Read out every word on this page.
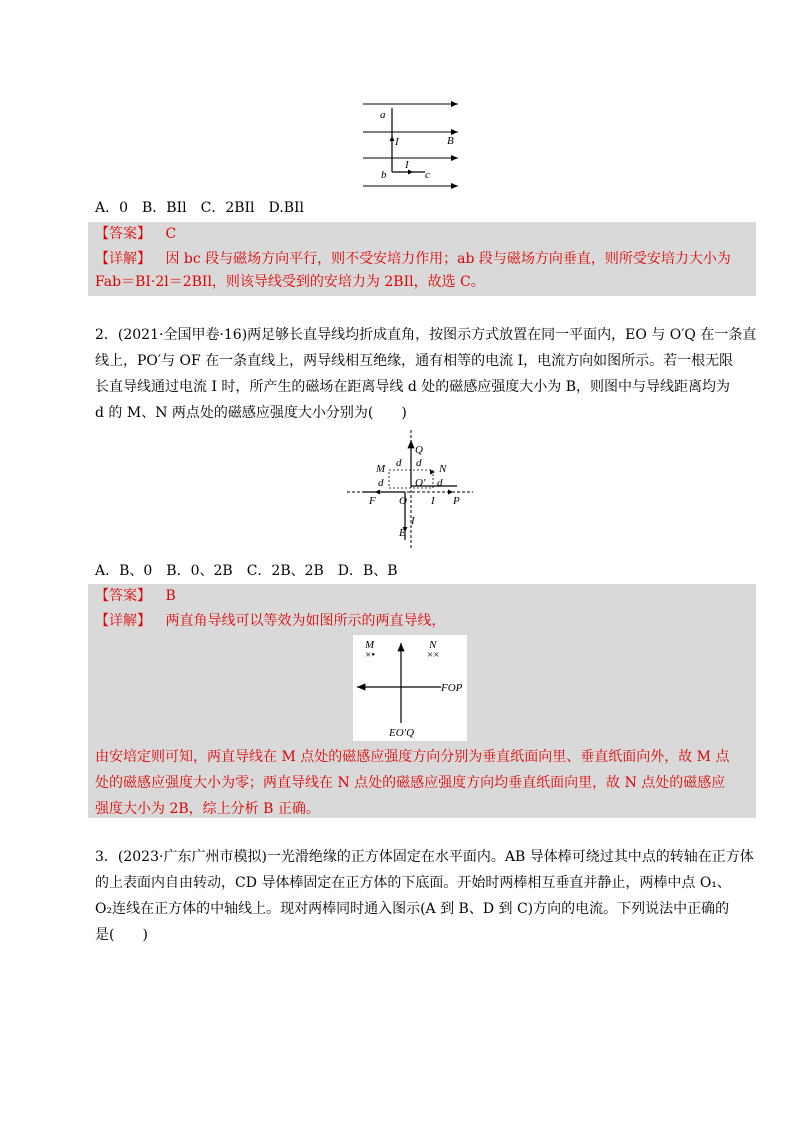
a
I	B
I
b	c
A．0　B．BIl　C．2BIl　D.BIl
【答案】 C
【详解】 因 bc 段与磁场方向平行，则不受安培力作用；ab 段与磁场方向垂直，则所受安培力大小为
Fab＝BI·2l＝2BIl，则该导线受到的安培力为 2BIl，故选 C。
2．(2021·全国甲卷·16)两足够长直导线均折成直角，按图示方式放置在同一平面内，EO 与 O′Q 在一条直
线上，PO′与 OF 在一条直线上，两导线相互绝缘，通有相等的电流 I，电流方向如图所示。若一根无限
长直导线通过电流 I 时，所产生的磁场在距离导线 d 处的磁感应强度大小为 B，则图中与导线距离均为
d 的 M、N 两点处的磁感应强度大小分别为(　　)
Q
M d d N
d	O′ d
F O I P
I
E
A．B、0　B．0、2B　C．2B、2B　D．B、B
【答案】 B
【详解】 两直角导线可以等效为如图所示的两直导线，
M
×•
N
××
FOP
EO′Q
由安培定则可知，两直导线在 M 点处的磁感应强度方向分别为垂直纸面向里、垂直纸面向外，故 M 点
处的磁感应强度大小为零；两直导线在 N 点处的磁感应强度方向均垂直纸面向里，故 N 点处的磁感应
强度大小为 2B，综上分析 B 正确。
3．(2023·广东广州市模拟)一光滑绝缘的正方体固定在水平面内。AB 导体棒可绕过其中点的转轴在正方体
的上表面内自由转动，CD 导体棒固定在正方体的下底面。开始时两棒相互垂直并静止，两棒中点 O₁、
O₂连线在正方体的中轴线上。现对两棒同时通入图示(A 到 B、D 到 C)方向的电流。下列说法中正确的
是(　　)
